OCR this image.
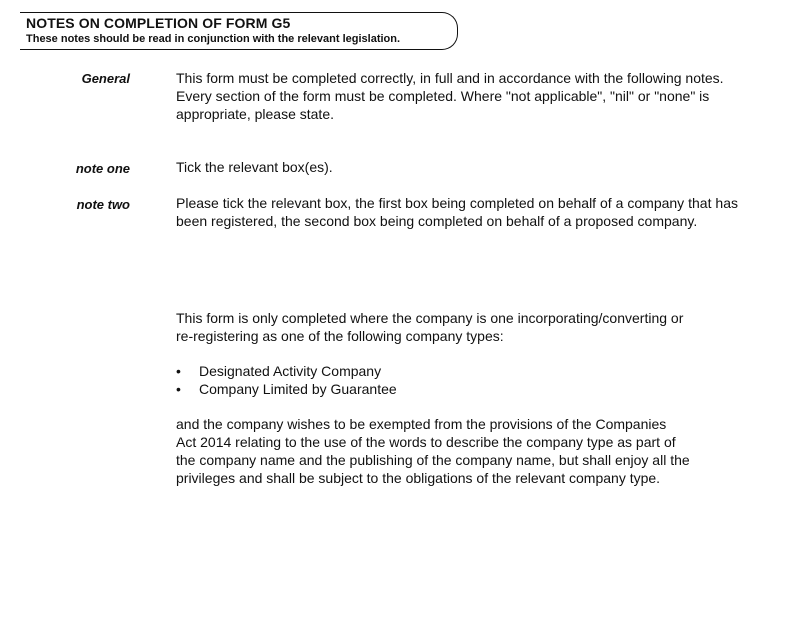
NOTES ON COMPLETION OF FORM G5
These notes should be read in conjunction with the relevant legislation.
General	This form must be completed correctly, in full and in accordance with the following notes.
Every section of the form must be completed. Where "not applicable", "nil" or "none" is
appropriate, please state.
note one	Tick the relevant box(es).
note two	Please tick the relevant box, the first box being completed on behalf of a company that has been registered, the second box being completed on behalf of a proposed company.
This form is only completed where the company is one incorporating/converting or
re-registering as one of the following company types:
• Designated Activity Company
• Company Limited by Guarantee
and the company wishes to be exempted from the provisions of the Companies
Act 2014 relating to the use of the words to describe the company type as part of
the company name and the publishing of the company name, but shall enjoy all the
privileges and shall be subject to the obligations of the relevant company type.
